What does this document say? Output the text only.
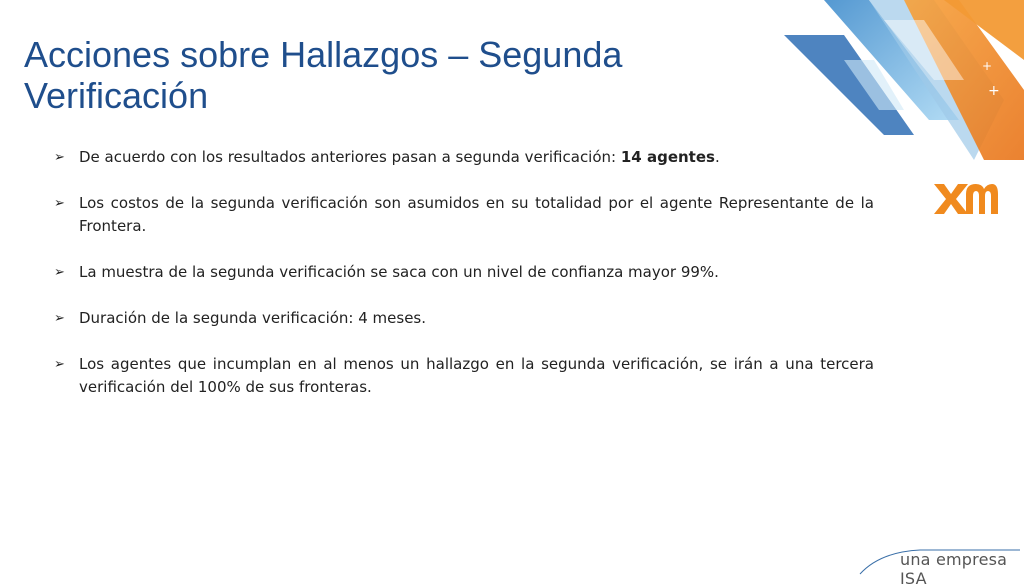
Acciones sobre Hallazgos – Segunda Verificación	+
+
➢ De acuerdo con los resultados anteriores pasan a segunda verificación: 14 agentes.
➢ Los costos de la segunda verificación son asumidos en su totalidad por el agente Representante de la Frontera.
➢ La muestra de la segunda verificación se saca con un nivel de confianza mayor 99%.
➢ Duración de la segunda verificación: 4 meses.
➢ Los agentes que incumplan en al menos un hallazgo en la segunda verificación, se irán a una tercera verificación del 100% de sus fronteras.
una empresa ISA
